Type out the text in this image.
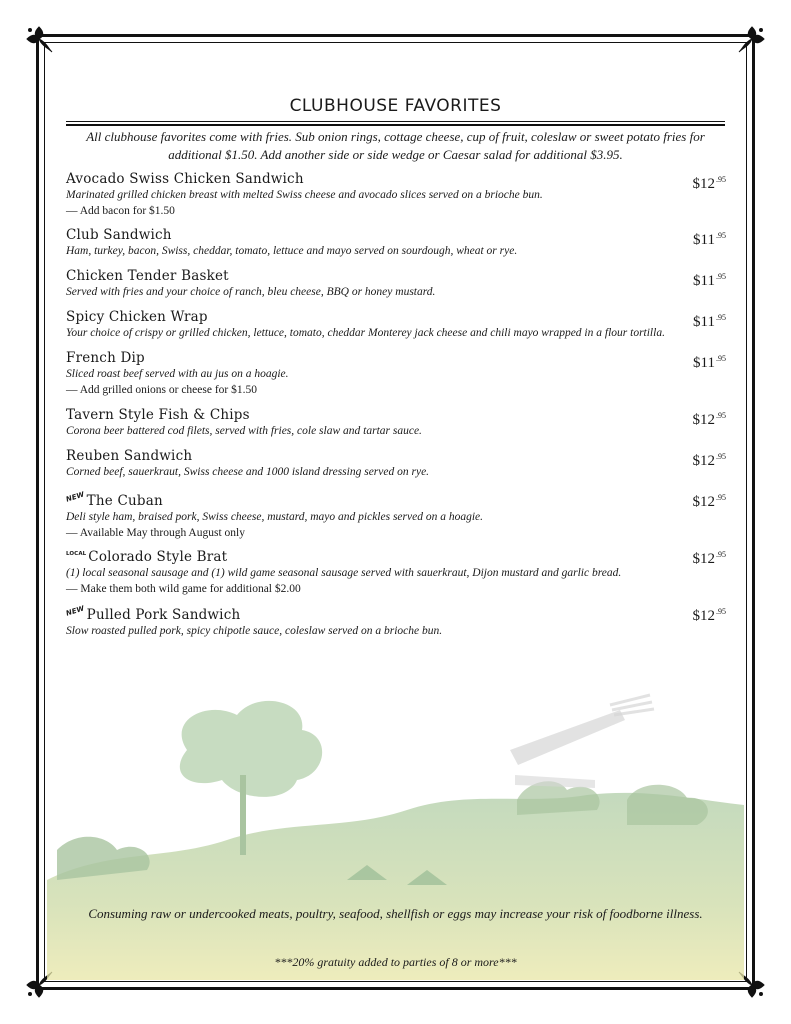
CLUBHOUSE FAVORITES
All clubhouse favorites come with fries. Sub onion rings, cottage cheese, cup of fruit, coleslaw or sweet potato fries for additional $1.50. Add another side or side wedge or Caesar salad for additional $3.95.
Avocado Swiss Chicken Sandwich
Marinated grilled chicken breast with melted Swiss cheese and avocado slices served on a brioche bun.
— Add bacon for $1.50
$\$12^{.95}$
Club Sandwich
Ham, turkey, bacon, Swiss, cheddar, tomato, lettuce and mayo served on sourdough, wheat or rye.
$\$11^{.95}$
Chicken Tender Basket
Served with fries and your choice of ranch, bleu cheese, BBQ or honey mustard.
$\$11^{.95}$
Spicy Chicken Wrap
Your choice of crispy or grilled chicken, lettuce, tomato, cheddar Monterey jack cheese and chili mayo wrapped in a flour tortilla.
$\$11^{.95}$
French Dip
Sliced roast beef served with au jus on a hoagie.
— Add grilled onions or cheese for $1.50
$\$11^{.95}$
Tavern Style Fish & Chips
Corona beer battered cod filets, served with fries, cole slaw and tartar sauce.
$\$12^{.95}$
Reuben Sandwich
Corned beef, sauerkraut, Swiss cheese and 1000 island dressing served on rye.
$\$12^{.95}$
NEWThe Cuban
Deli style ham, braised pork, Swiss cheese, mustard, mayo and pickles served on a hoagie.
— Available May through August only
$\$12^{.95}$
LOCAL Colorado Style Brat
(1) local seasonal sausage and (1) wild game seasonal sausage served with sauerkraut, Dijon mustard and garlic bread.
— Make them both wild game for additional $2.00
$\$12^{.95}$
NEWPulled Pork Sandwich
Slow roasted pulled pork, spicy chipotle sauce, coleslaw served on a brioche bun.
$\$12^{.95}$
Consuming raw or undercooked meats, poultry, seafood, shellfish or eggs may increase your risk of foodborne illness.
***20% gratuity added to parties of 8 or more***
